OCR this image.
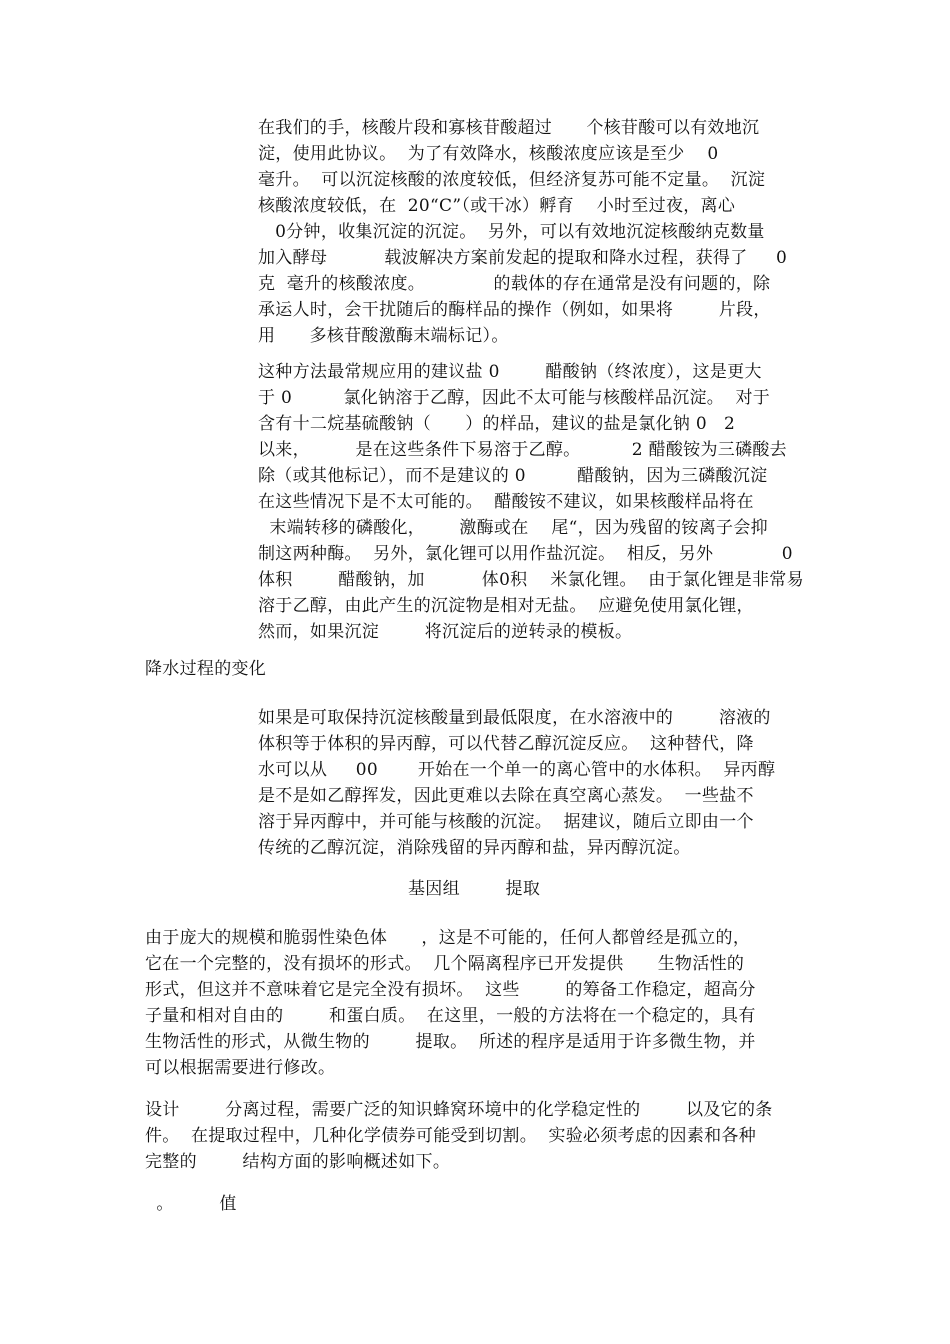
在我们的手，核酸片段和寡核苷酸超过      个核苷酸可以有效地沉
淀，使用此协议。  为了有效降水，核酸浓度应该是至少    0
毫升。  可以沉淀核酸的浓度较低，但经济复苏可能不定量。  沉淀
核酸浓度较低，在  20“C”（或干冰）孵育    小时至过夜，离心
0分钟，收集沉淀的沉淀。  另外，可以有效地沉淀核酸纳克数量
加入酵母          载波解决方案前发起的提取和降水过程，获得了     0
克  毫升的核酸浓度。            的载体的存在通常是没有问题的，除
承运人时，会干扰随后的酶样品的操作（例如，如果将        片段，
用      多核苷酸激酶末端标记）。
这种方法最常规应用的建议盐 0        醋酸钠（终浓度），这是更大
于 0         氯化钠溶于乙醇，因此不太可能与核酸样品沉淀。  对于
含有十二烷基硫酸钠（      ）的样品，建议的盐是氯化钠 0   2
以来，        是在这些条件下易溶于乙醇。         2 醋酸铵为三磷酸去
除（或其他标记），而不是建议的 0         醋酸钠，因为三磷酸沉淀
在这些情况下是不太可能的。  醋酸铵不建议，如果核酸样品将在
末端转移的磷酸化，      激酶或在    尾“，因为残留的铵离子会抑
制这两种酶。  另外，氯化锂可以用作盐沉淀。  相反，另外            0
体积        醋酸钠，加          体0积    米氯化锂。  由于氯化锂是非常易
溶于乙醇，由此产生的沉淀物是相对无盐。  应避免使用氯化锂，
然而，如果沉淀        将沉淀后的逆转录的模板。
降水过程的变化
如果是可取保持沉淀核酸量到最低限度，在水溶液中的        溶液的
体积等于体积的异丙醇，可以代替乙醇沉淀反应。  这种替代，降
水可以从     00       开始在一个单一的离心管中的水体积。  异丙醇
是不是如乙醇挥发，因此更难以去除在真空离心蒸发。  一些盐不
溶于异丙醇中，并可能与核酸的沉淀。  据建议，随后立即由一个
传统的乙醇沉淀，消除残留的异丙醇和盐，异丙醇沉淀。
基因组        提取
由于庞大的规模和脆弱性染色体      ，这是不可能的，任何人都曾经是孤立的，
它在一个完整的，没有损坏的形式。  几个隔离程序已开发提供      生物活性的
形式，但这并不意味着它是完全没有损坏。  这些        的筹备工作稳定，超高分
子量和相对自由的        和蛋白质。  在这里，一般的方法将在一个稳定的，具有
生物活性的形式，从微生物的        提取。  所述的程序是适用于许多微生物，并
可以根据需要进行修改。
设计        分离过程，需要广泛的知识蜂窝环境中的化学稳定性的        以及它的条
件。  在提取过程中，几种化学债券可能受到切割。  实验必须考虑的因素和各种
完整的        结构方面的影响概述如下。
。        值
